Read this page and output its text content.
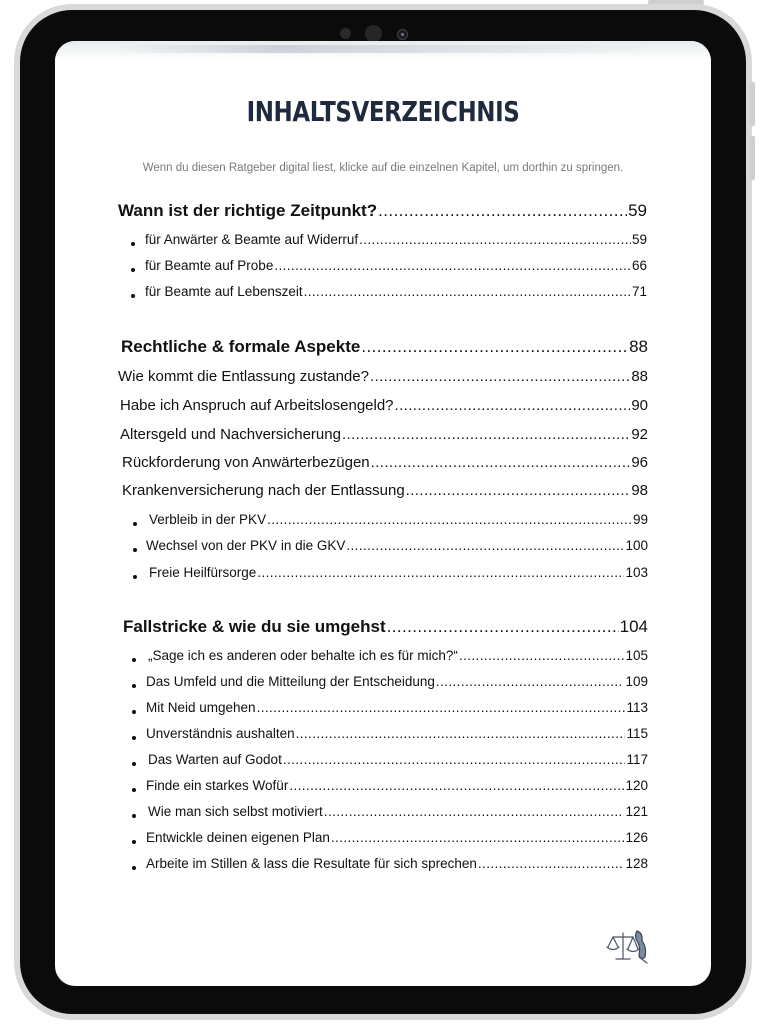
INHALTSVERZEICHNIS
Wenn du diesen Ratgeber digital liest, klicke auf die einzelnen Kapitel, um dorthin zu springen.
Wann ist der richtige Zeitpunkt? .....	59
für Anwärter & Beamte auf Widerruf .....	59
für Beamte auf Probe .....	66
für Beamte auf Lebenszeit .....	71
Rechtliche & formale Aspekte .....	88
Wie kommt die Entlassung zustande? .....	88
Habe ich Anspruch auf Arbeitslosengeld? .....	90
Altersgeld und Nachversicherung .....	92
Rückforderung von Anwärterbezügen .....	96
Krankenversicherung nach der Entlassung .....	98
Verbleib in der PKV .....	99
Wechsel von der PKV in die GKV .....	100
Freie Heilfürsorge .....	103
Fallstricke & wie du sie umgehst .....	104
„Sage ich es anderen oder behalte ich es für mich?“ .....	105
Das Umfeld und die Mitteilung der Entscheidung .....	109
Mit Neid umgehen .....	113
Unverständnis aushalten .....	115
Das Warten auf Godot .....	117
Finde ein starkes Wofür .....	120
Wie man sich selbst motiviert .....	121
Entwickle deinen eigenen Plan .....	126
Arbeite im Stillen & lass die Resultate für sich sprechen .....	128
